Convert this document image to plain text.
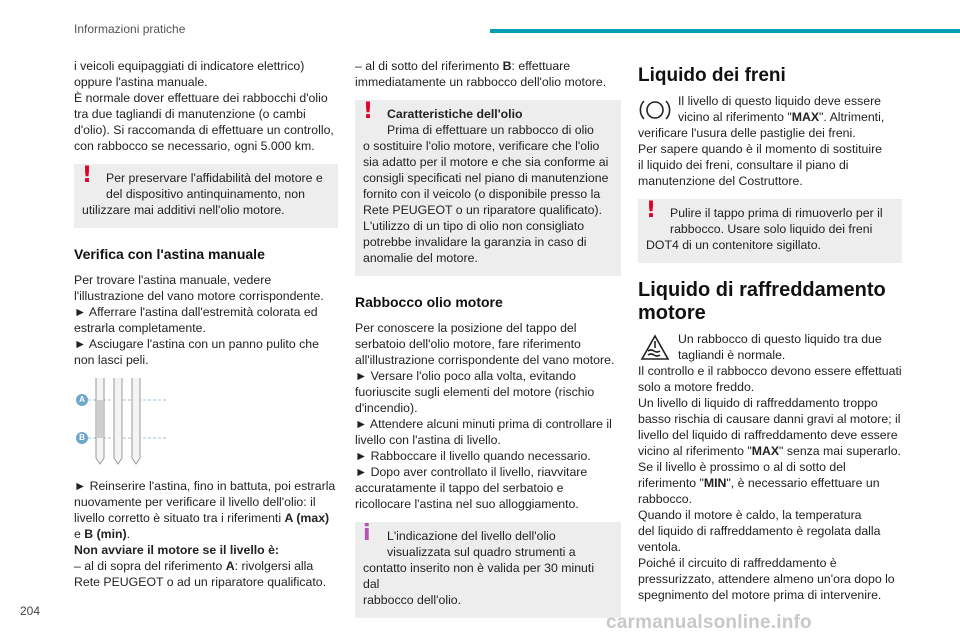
Informazioni pratiche

i veicoli equipaggiati di indicatore elettrico)

oppure l'astina manuale.

È normale dover effettuare dei rabbocchi d'olio

tra due tagliandi di manutenzione (o cambi

d'olio). Si raccomanda di effettuare un controllo,

con rabbocco se necessario, ogni 5.000 km.

!	Per preservare l'affidabilità del motore e

del dispositivo antinquinamento, non

utilizzare mai additivi nell'olio motore.

Verifica con l'astina manuale

Per trovare l'astina manuale, vedere

l'illustrazione del vano motore corrispondente.

► Afferrare l'astina dall'estremità colorata ed

estrarla completamente.

► Asciugare l'astina con un panno pulito che

non lasci peli.

A
B

► Reinserire l'astina, fino in battuta, poi estrarla

nuovamente per verificare il livello dell'olio: il

livello corretto è situato tra i riferimenti A (max)

e B (min).

Non avviare il motore se il livello è:

– al di sopra del riferimento A: rivolgersi alla

Rete PEUGEOT o ad un riparatore qualificato.

– al di sotto del riferimento B: effettuare

immediatamente un rabbocco dell'olio motore.

!	Caratteristiche dell'olio

Prima di effettuare un rabbocco di olio

o sostituire l'olio motore, verificare che l'olio

sia adatto per il motore e che sia conforme ai

consigli specificati nel piano di manutenzione

fornito con il veicolo (o disponibile presso la

Rete PEUGEOT o un riparatore qualificato).

L'utilizzo di un tipo di olio non consigliato

potrebbe invalidare la garanzia in caso di

anomalie del motore.

Rabbocco olio motore

Per conoscere la posizione del tappo del

serbatoio dell'olio motore, fare riferimento

all'illustrazione corrispondente del vano motore.

► Versare l'olio poco alla volta, evitando

fuoriuscite sugli elementi del motore (rischio

d'incendio).

► Attendere alcuni minuti prima di controllare il

livello con l'astina di livello.

► Rabboccare il livello quando necessario.

► Dopo aver controllato il livello, riavvitare

accuratamente il tappo del serbatoio e

ricollocare l'astina nel suo alloggiamento.

i	L'indicazione del livello dell'olio

visualizzata sul quadro strumenti a

contatto inserito non è valida per 30 minuti dal

rabbocco dell'olio.

Liquido dei freni

Il livello di questo liquido deve essere

vicino al riferimento "MAX". Altrimenti,

verificare l'usura delle pastiglie dei freni.

Per sapere quando è il momento di sostituire

il liquido dei freni, consultare il piano di

manutenzione del Costruttore.

!	Pulire il tappo prima di rimuoverlo per il

rabbocco. Usare solo liquido dei freni

DOT4 di un contenitore sigillato.

Liquido di raffreddamento
motore

Un rabbocco di questo liquido tra due

tagliandi è normale.

Il controllo e il rabbocco devono essere effettuati

solo a motore freddo.

Un livello di liquido di raffreddamento troppo

basso rischia di causare danni gravi al motore; il

livello del liquido di raffreddamento deve essere

vicino al riferimento "MAX" senza mai superarlo.

Se il livello è prossimo o al di sotto del

riferimento "MIN", è necessario effettuare un

rabbocco.

Quando il motore è caldo, la temperatura

del liquido di raffreddamento è regolata dalla

ventola.

Poiché il circuito di raffreddamento è

pressurizzato, attendere almeno un'ora dopo lo

spegnimento del motore prima di intervenire.

204
carmanualsonline.info
